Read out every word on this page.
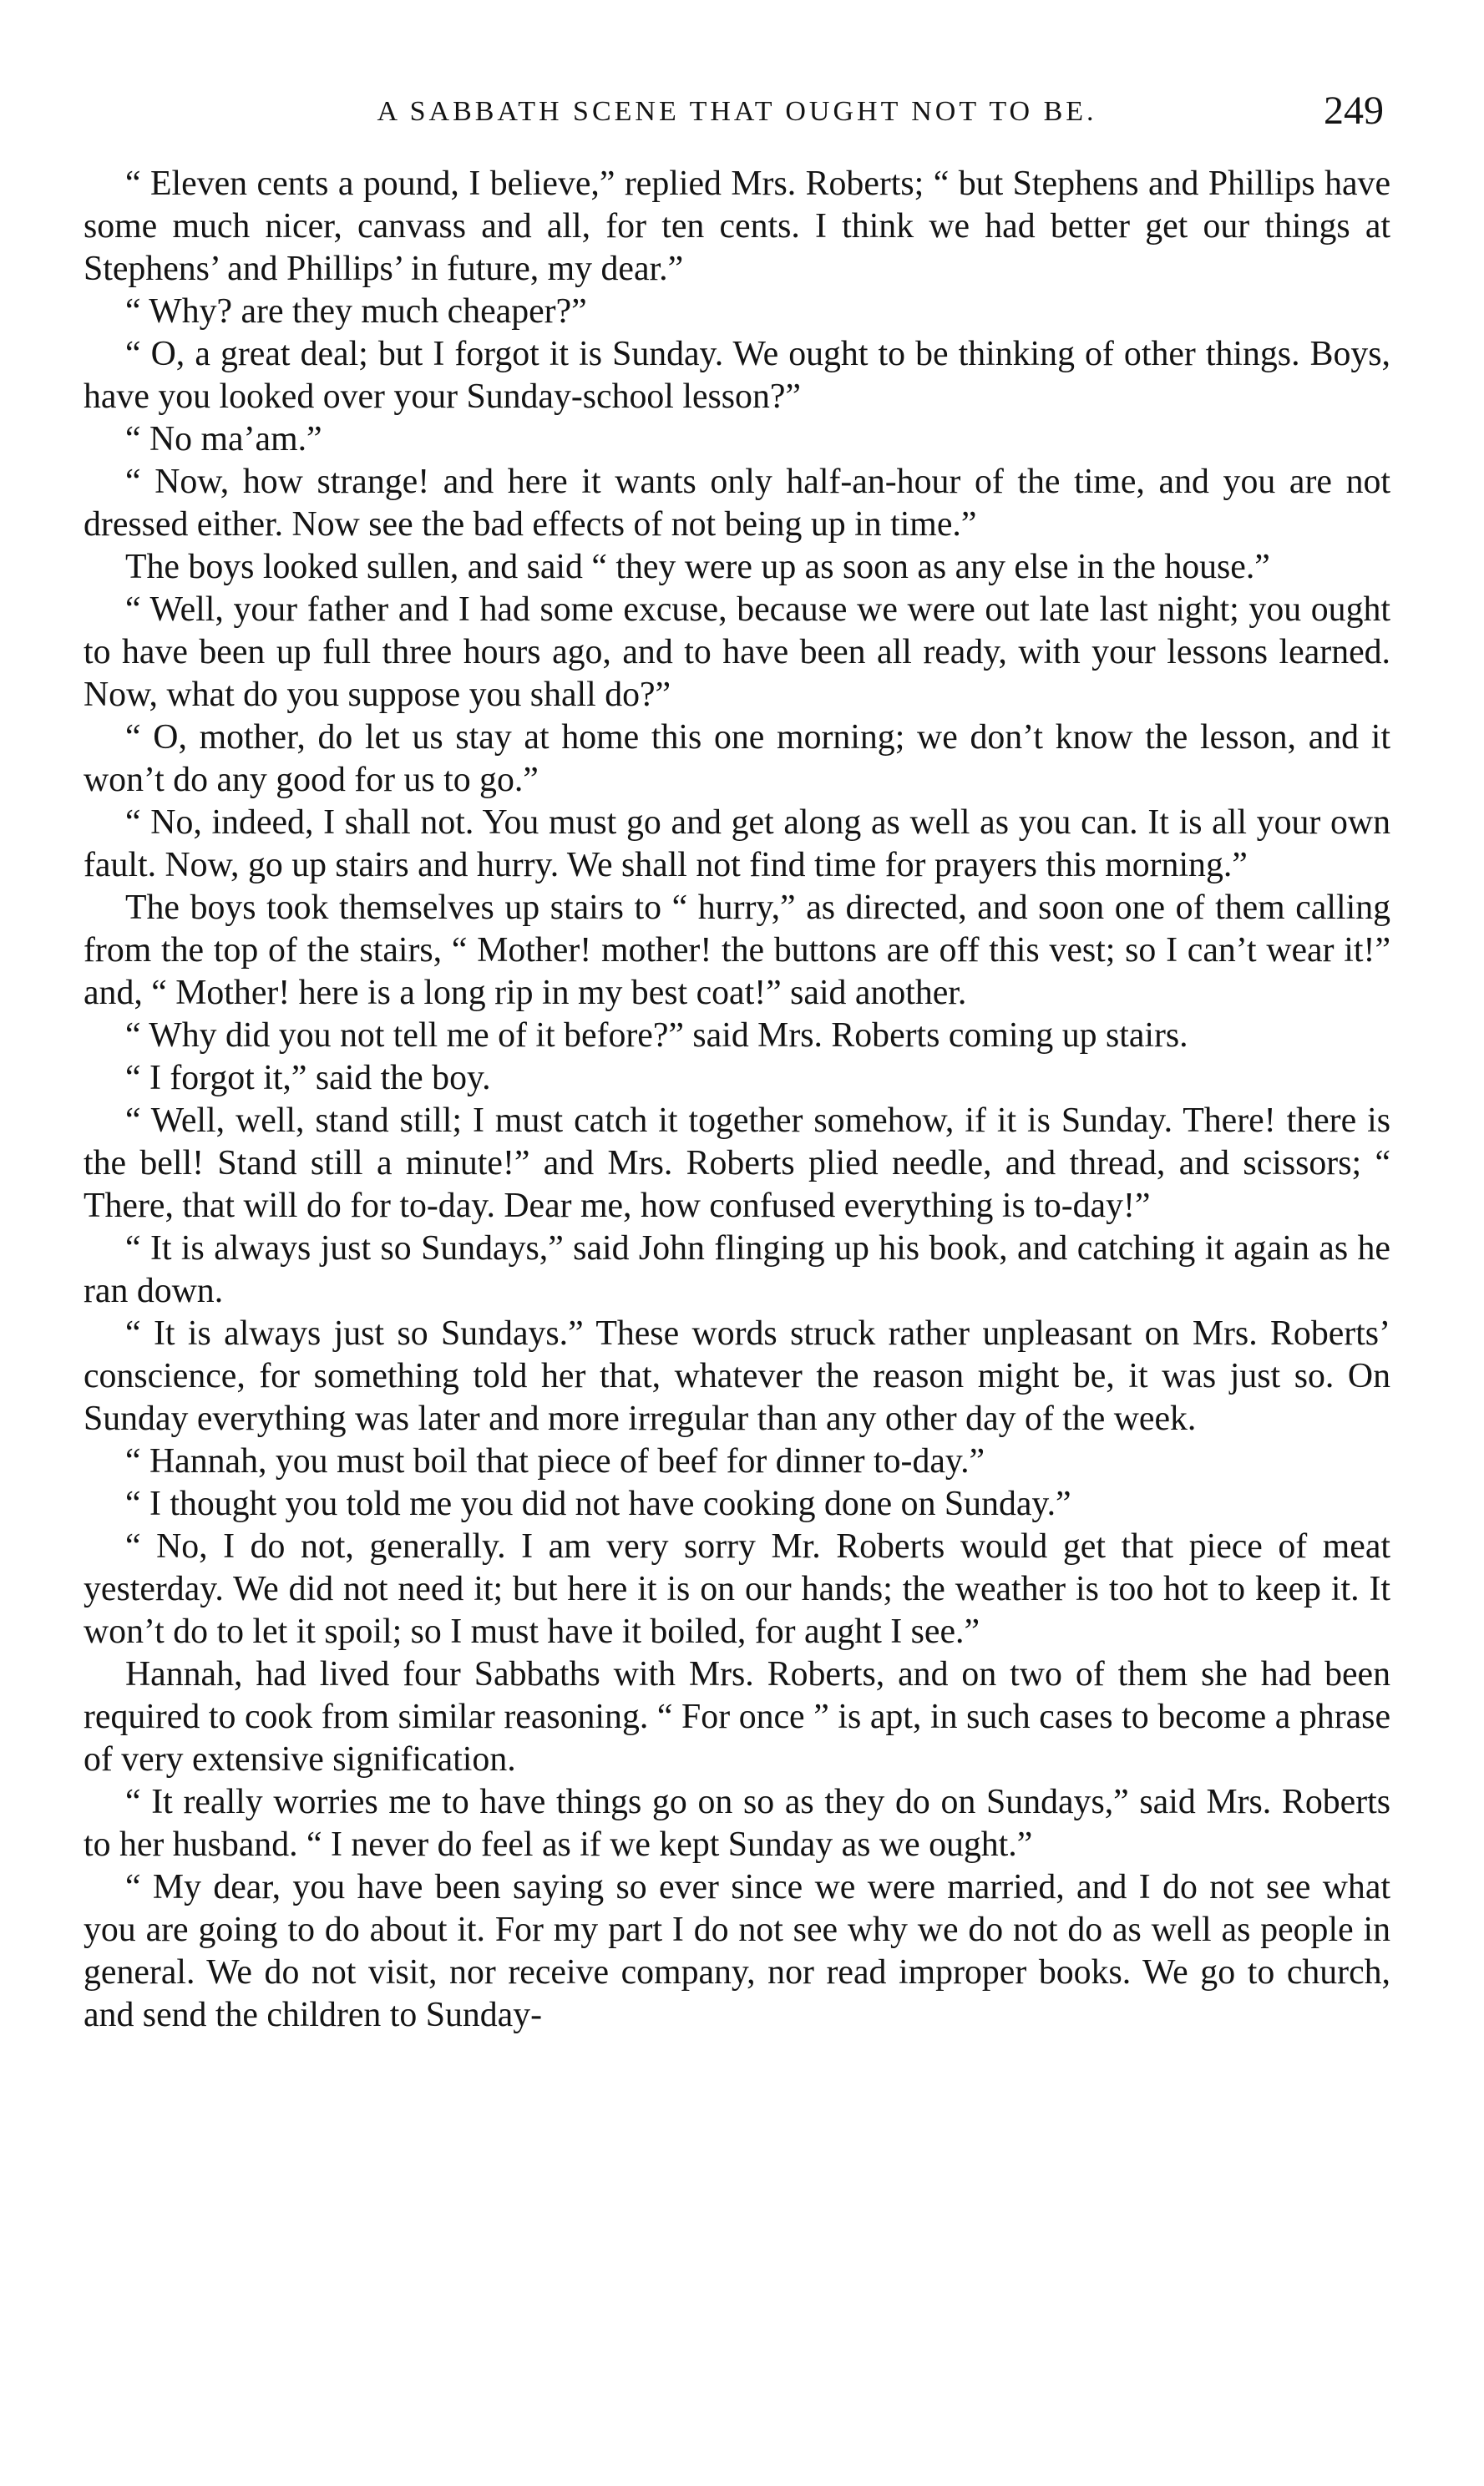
A SABBATH SCENE THAT OUGHT NOT TO BE.	249

“ Eleven cents a pound, I believe,” replied Mrs. Roberts; “ but Stephens and Phillips have some much nicer, canvass and all, for ten cents. I think we had better get our things at Stephens’ and Phillips’ in future, my dear.”

“ Why? are they much cheaper?”

“ O, a great deal; but I forgot it is Sunday. We ought to be thinking of other things. Boys, have you looked over your Sunday-school lesson?”

“ No ma’am.”

“ Now, how strange! and here it wants only half-an-hour of the time, and you are not dressed either. Now see the bad effects of not being up in time.”

The boys looked sullen, and said “ they were up as soon as any else in the house.”

“ Well, your father and I had some excuse, because we were out late last night; you ought to have been up full three hours ago, and to have been all ready, with your lessons learned. Now, what do you suppose you shall do?”

“ O, mother, do let us stay at home this one morning; we don’t know the lesson, and it won’t do any good for us to go.”

“ No, indeed, I shall not. You must go and get along as well as you can. It is all your own fault. Now, go up stairs and hurry. We shall not find time for prayers this morning.”

The boys took themselves up stairs to “ hurry,” as directed, and soon one of them calling from the top of the stairs, “ Mother! mother! the buttons are off this vest; so I can’t wear it!” and, “ Mother! here is a long rip in my best coat!” said another.

“ Why did you not tell me of it before?” said Mrs. Roberts coming up stairs.

“ I forgot it,” said the boy.

“ Well, well, stand still; I must catch it together somehow, if it is Sunday. There! there is the bell! Stand still a minute!” and Mrs. Roberts plied needle, and thread, and scissors; “ There, that will do for to-day. Dear me, how confused everything is to-day!”

“ It is always just so Sundays,” said John flinging up his book, and catching it again as he ran down.

“ It is always just so Sundays.” These words struck rather unpleasant on Mrs. Roberts’ conscience, for something told her that, whatever the reason might be, it was just so. On Sunday everything was later and more irregular than any other day of the week.

“ Hannah, you must boil that piece of beef for dinner to-day.”

“ I thought you told me you did not have cooking done on Sunday.”

“ No, I do not, generally. I am very sorry Mr. Roberts would get that piece of meat yesterday. We did not need it; but here it is on our hands; the weather is too hot to keep it. It won’t do to let it spoil; so I must have it boiled, for aught I see.”

Hannah, had lived four Sabbaths with Mrs. Roberts, and on two of them she had been required to cook from similar reasoning. “ For once ” is apt, in such cases to become a phrase of very extensive signification.

“ It really worries me to have things go on so as they do on Sundays,” said Mrs. Roberts to her husband. “ I never do feel as if we kept Sunday as we ought.”

“ My dear, you have been saying so ever since we were married, and I do not see what you are going to do about it. For my part I do not see why we do not do as well as people in general. We do not visit, nor receive company, nor read improper books. We go to church, and send the children to Sunday-
